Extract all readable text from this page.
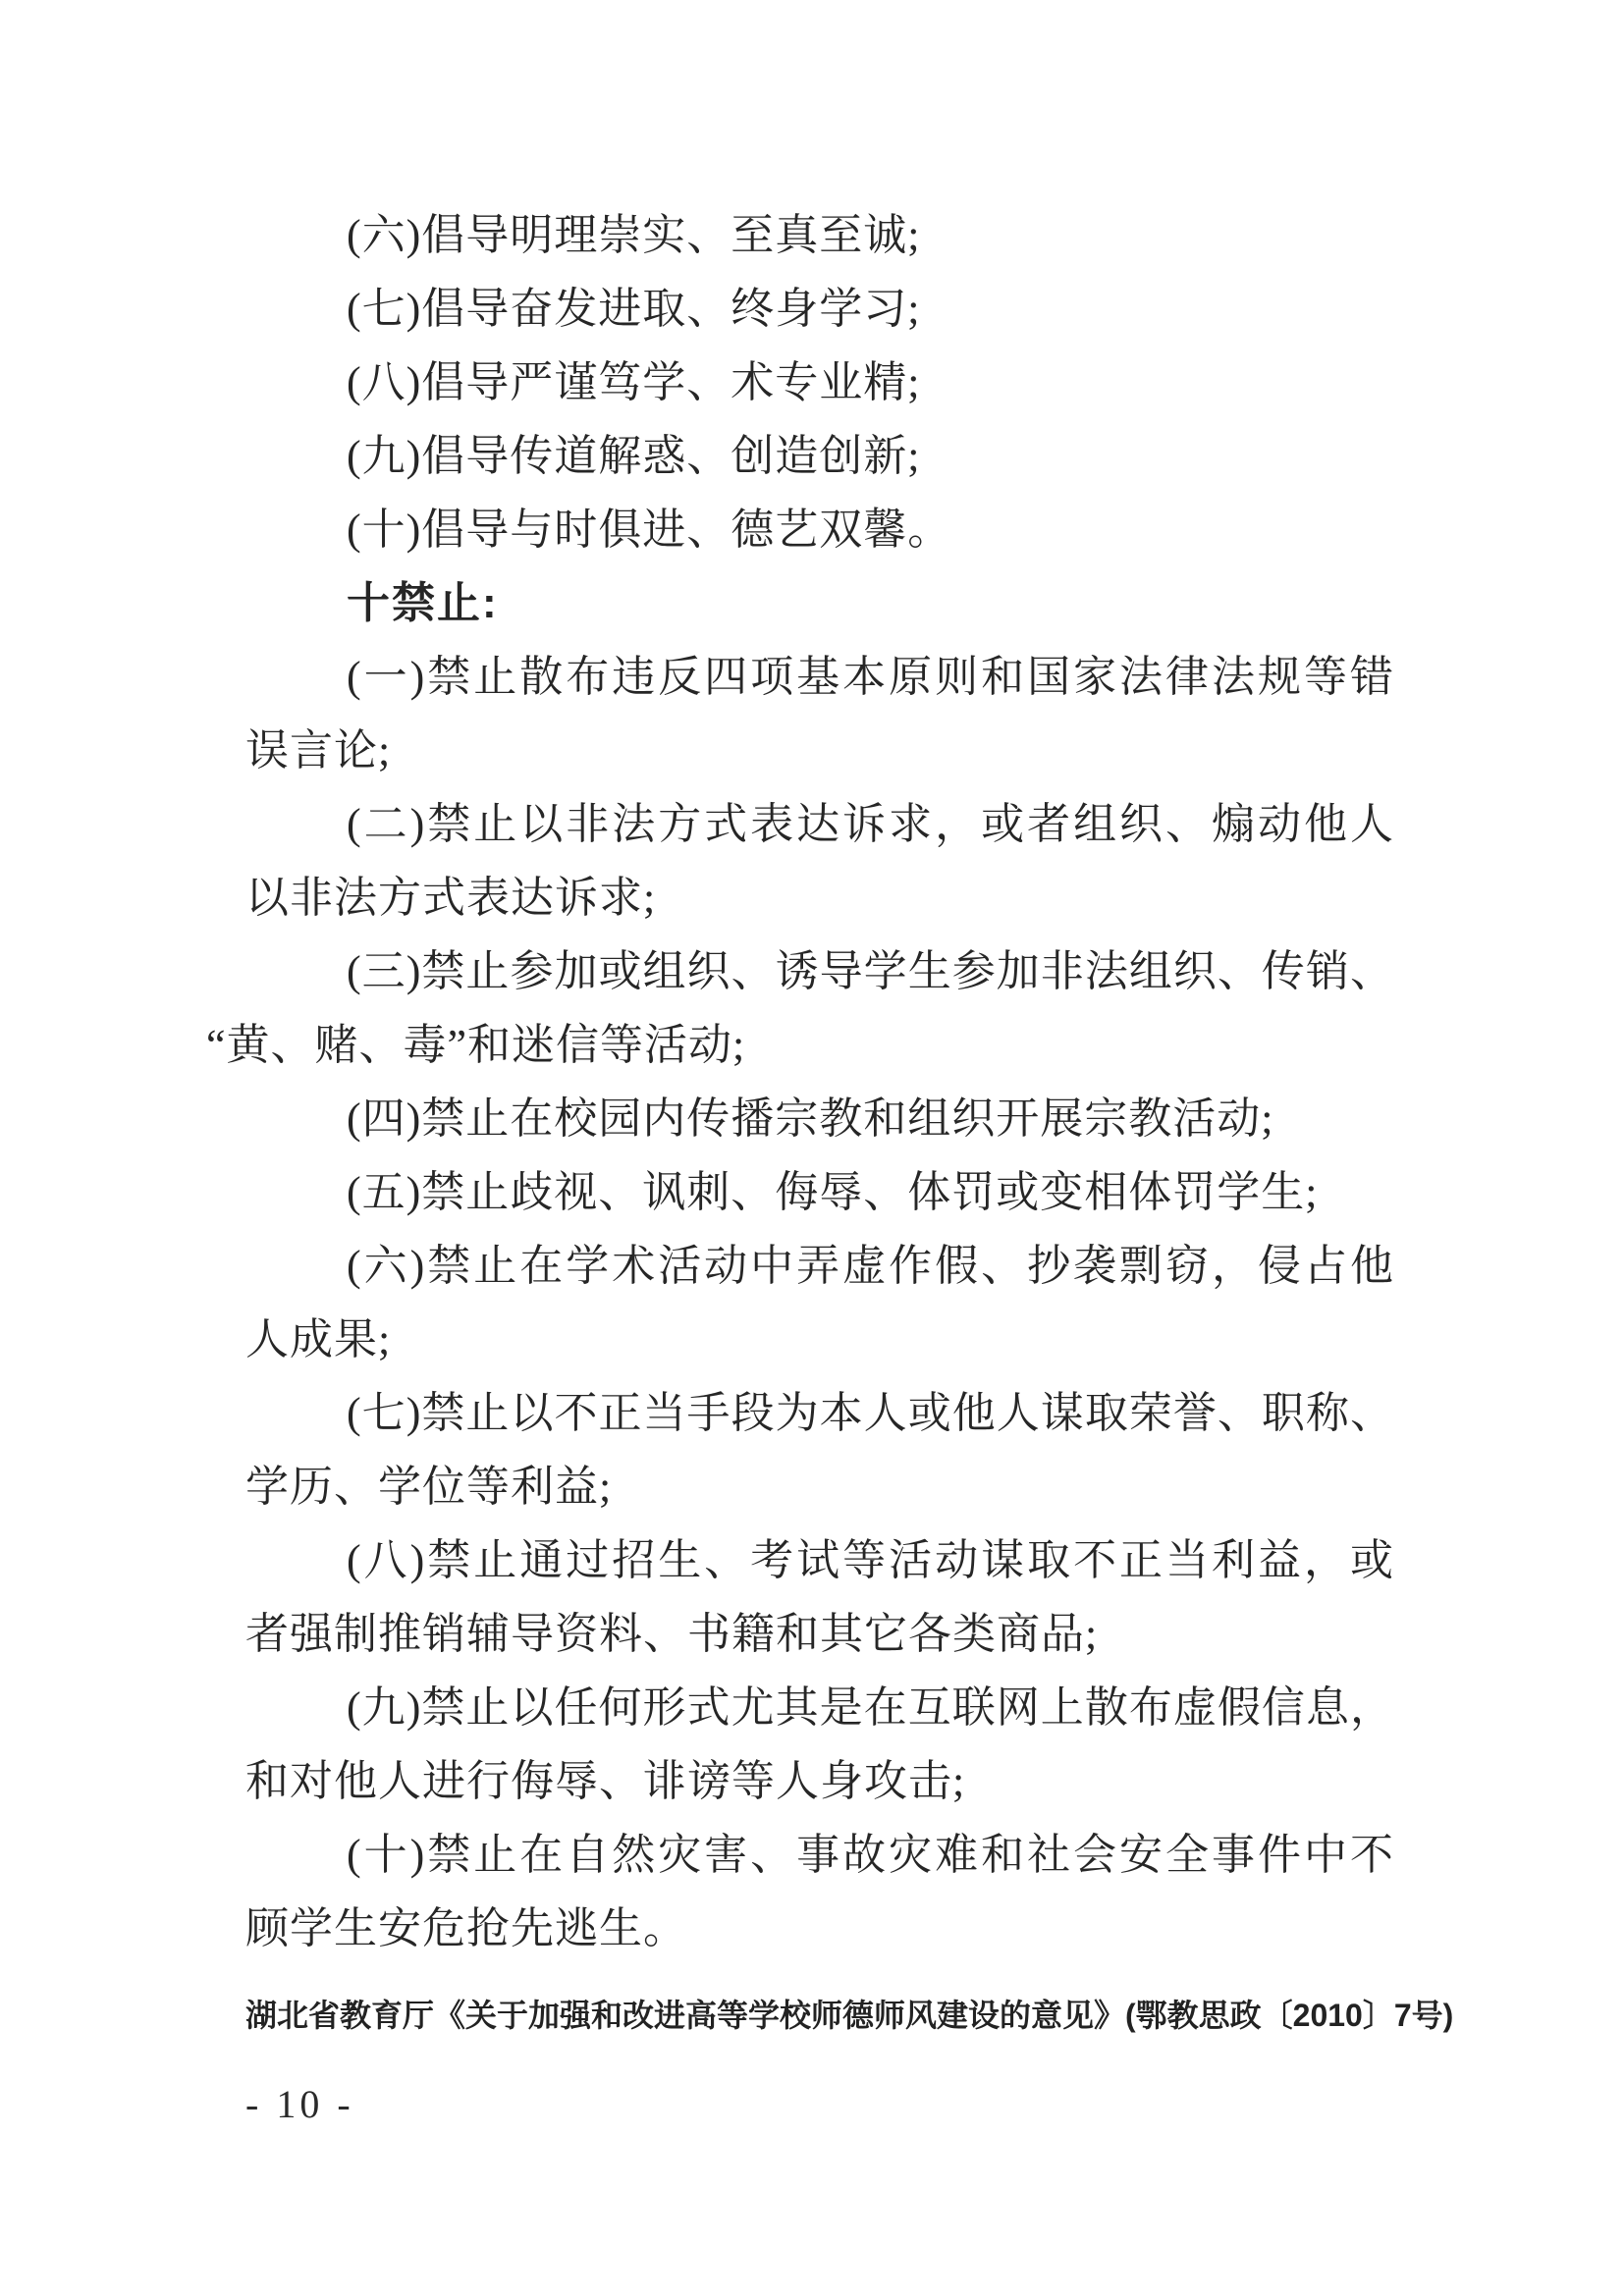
(六)倡导明理崇实、至真至诚;
(七)倡导奋发进取、终身学习;
(八)倡导严谨笃学、术专业精;
(九)倡导传道解惑、创造创新;
(十)倡导与时俱进、德艺双馨。
十禁止:
(一)禁止散布违反四项基本原则和国家法律法规等错
误言论;
(二)禁止以非法方式表达诉求，或者组织、煽动他人
以非法方式表达诉求;
(三)禁止参加或组织、诱导学生参加非法组织、传销、
“黄、赌、毒”和迷信等活动;
(四)禁止在校园内传播宗教和组织开展宗教活动;
(五)禁止歧视、讽刺、侮辱、体罚或变相体罚学生;
(六)禁止在学术活动中弄虚作假、抄袭剽窃，侵占他
人成果;
(七)禁止以不正当手段为本人或他人谋取荣誉、职称、
学历、学位等利益;
(八)禁止通过招生、考试等活动谋取不正当利益，或
者强制推销辅导资料、书籍和其它各类商品;
(九)禁止以任何形式尤其是在互联网上散布虚假信息，
和对他人进行侮辱、诽谤等人身攻击;
(十)禁止在自然灾害、事故灾难和社会安全事件中不
顾学生安危抢先逃生。
湖北省教育厅《关于加强和改进高等学校师德师风建设的意见》(鄂教思政〔2010〕7号)
- 10 -
